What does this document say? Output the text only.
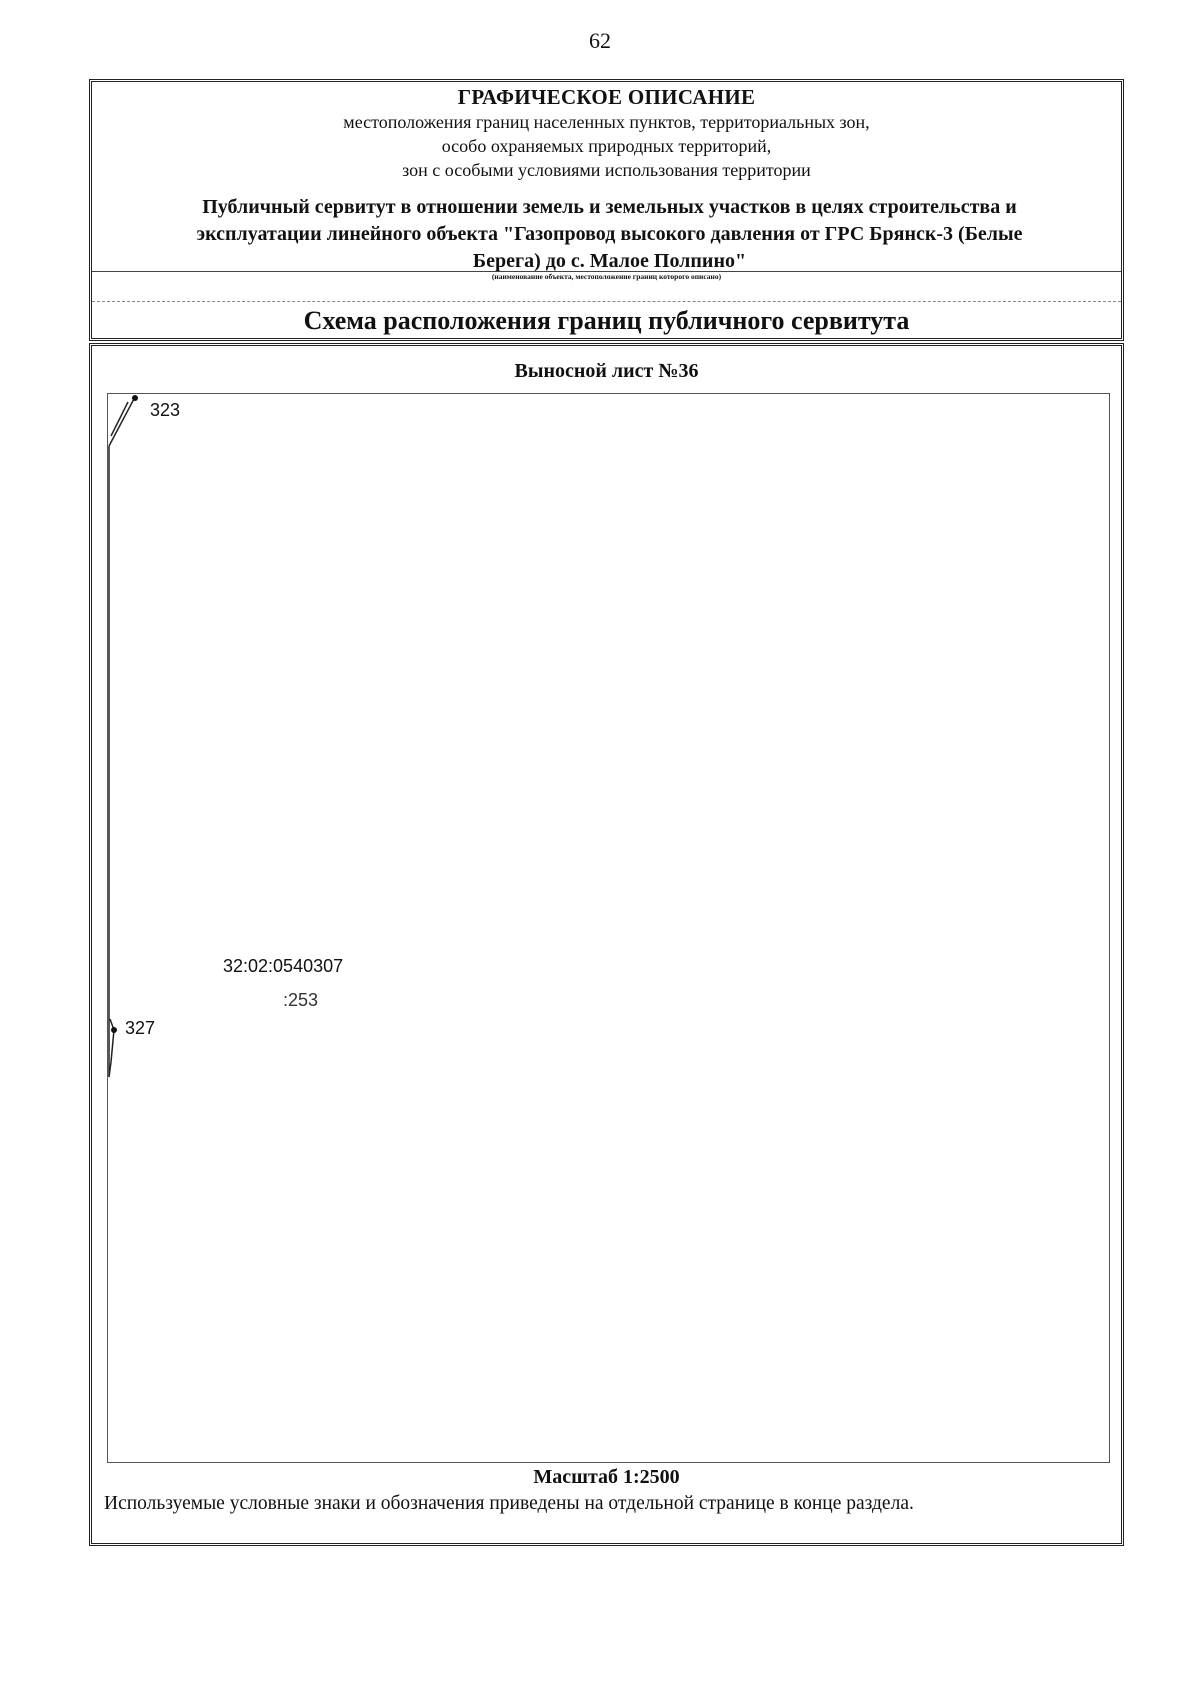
62
ГРАФИЧЕСКОЕ ОПИСАНИЕ
местоположения границ населенных пунктов, территориальных зон,
особо охраняемых природных территорий,
зон с особыми условиями использования территории
Публичный сервитут в отношении земель и земельных участков в целях строительства и
эксплуатации линейного объекта "Газопровод высокого давления от ГРС Брянск-3 (Белые
Берега) до с. Малое Полпино"
(наименование объекта, местоположение границ которого описано)
Схема расположения границ публичного сервитута
Выносной лист №36
323
327
32:02:0540307
:253
Масштаб 1:2500
Используемые условные знаки и обозначения приведены на отдельной странице в конце раздела.
